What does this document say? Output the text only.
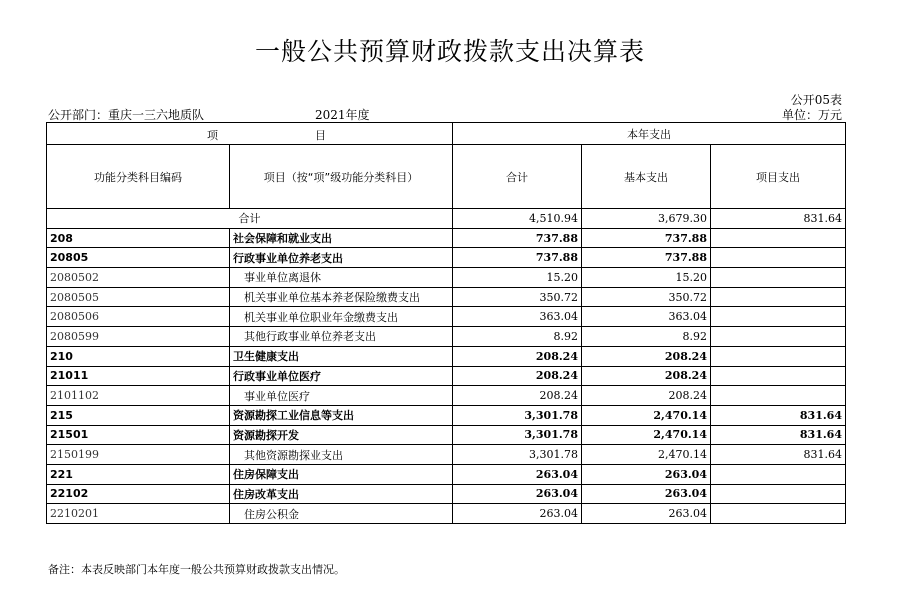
一般公共预算财政拨款支出决算表
公开05表
公开部门：重庆一三六地质队	2021年度	单位：万元
项 目		本年支出		
功能分类科目编码	项目（按“项”级功能分类科目）	合计	基本支出	项目支出
合计		4,510.94	3,679.30	831.64
208	社会保障和就业支出	737.88	737.88	
20805	行政事业单位养老支出	737.88	737.88	
2080502	事业单位离退休	15.20	15.20	
2080505	机关事业单位基本养老保险缴费支出	350.72	350.72	
2080506	机关事业单位职业年金缴费支出	363.04	363.04	
2080599	其他行政事业单位养老支出	8.92	8.92	
210	卫生健康支出	208.24	208.24	
21011	行政事业单位医疗	208.24	208.24	
2101102	事业单位医疗	208.24	208.24	
215	资源勘探工业信息等支出	3,301.78	2,470.14	831.64
21501	资源勘探开发	3,301.78	2,470.14	831.64
2150199	其他资源勘探业支出	3,301.78	2,470.14	831.64
221	住房保障支出	263.04	263.04	
22102	住房改革支出	263.04	263.04	
2210201	住房公积金	263.04	263.04	
备注：本表反映部门本年度一般公共预算财政拨款支出情况。
